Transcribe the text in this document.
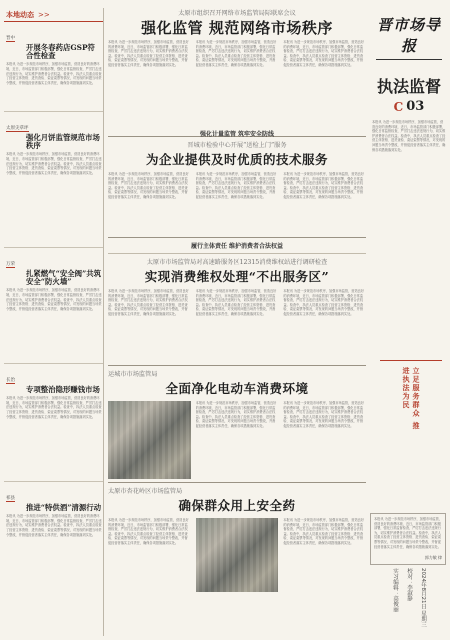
本地动态 >>
晋中
开展冬春药店GSP符合性检查
本报讯 为进一步规范市场秩序，加强市场监管，营造良好的消费环境，近日，市场监管部门积极部署，强化日常监督检查，严厉打击违法违规行为，切实维护消费者合法权益。检查中，执法人员重点检查了经营主体资格、进货查验、索证索票等情况，对发现的问题当场责令整改，并督促经营者落实主体责任，确保各项措施落到实处。
太原尖草坪
强化月饼监管规范市场秩序
本报讯 为进一步规范市场秩序，加强市场监管，营造良好的消费环境，近日，市场监管部门积极部署，强化日常监督检查，严厉打击违法违规行为，切实维护消费者合法权益。检查中，执法人员重点检查了经营主体资格、进货查验、索证索票等情况，对发现的问题当场责令整改，并督促经营者落实主体责任，确保各项措施落到实处。
万荣
扎紧燃气“安全阀”共筑安全“防火墙”
本报讯 为进一步规范市场秩序，加强市场监管，营造良好的消费环境，近日，市场监管部门积极部署，强化日常监督检查，严厉打击违法违规行为，切实维护消费者合法权益。检查中，执法人员重点检查了经营主体资格、进货查验、索证索票等情况，对发现的问题当场责令整改，并督促经营者落实主体责任，确保各项措施落到实处。
长治
专项整治隐形赚钱市场
本报讯 为进一步规范市场秩序，加强市场监管，营造良好的消费环境，近日，市场监管部门积极部署，强化日常监督检查，严厉打击违法违规行为，切实维护消费者合法权益。检查中，执法人员重点检查了经营主体资格、进货查验、索证索票等情况，对发现的问题当场责令整改，并督促经营者落实主体责任，确保各项措施落到实处。
祁县
推进“特供酒”清源行动
本报讯 为进一步规范市场秩序，加强市场监管，营造良好的消费环境，近日，市场监管部门积极部署，强化日常监督检查，严厉打击违法违规行为，切实维护消费者合法权益。检查中，执法人员重点检查了经营主体资格、进货查验、索证索票等情况，对发现的问题当场责令整改，并督促经营者落实主体责任，确保各项措施落到实处。
太原市组织召开网络市场监管局际联席会议
强化监管 规范网络市场秩序
本报讯 为进一步规范市场秩序，加强市场监管，营造良好的消费环境，近日，市场监管部门积极部署，强化日常监督检查，严厉打击违法违规行为，切实维护消费者合法权益。检查中，执法人员重点检查了经营主体资格、进货查验、索证索票等情况，对发现的问题当场责令整改，并督促经营者落实主体责任，确保各项措施落到实处。
本报讯 为进一步规范市场秩序，加强市场监管，营造良好的消费环境，近日，市场监管部门积极部署，强化日常监督检查，严厉打击违法违规行为，切实维护消费者合法权益。检查中，执法人员重点检查了经营主体资格、进货查验、索证索票等情况，对发现的问题当场责令整改，并督促经营者落实主体责任，确保各项措施落到实处。
本报讯 为进一步规范市场秩序，加强市场监管，营造良好的消费环境，近日，市场监管部门积极部署，强化日常监督检查，严厉打击违法违规行为，切实维护消费者合法权益。检查中，执法人员重点检查了经营主体资格、进货查验、索证索票等情况，对发现的问题当场责令整改，并督促经营者落实主体责任，确保各项措施落到实处。
强化计量监管 筑牢安全防线
晋城市检验中心开展“送检上门”服务
为企业提供及时优质的技术服务
本报讯 为进一步规范市场秩序，加强市场监管，营造良好的消费环境，近日，市场监管部门积极部署，强化日常监督检查，严厉打击违法违规行为，切实维护消费者合法权益。检查中，执法人员重点检查了经营主体资格、进货查验、索证索票等情况，对发现的问题当场责令整改，并督促经营者落实主体责任，确保各项措施落到实处。
本报讯 为进一步规范市场秩序，加强市场监管，营造良好的消费环境，近日，市场监管部门积极部署，强化日常监督检查，严厉打击违法违规行为，切实维护消费者合法权益。检查中，执法人员重点检查了经营主体资格、进货查验、索证索票等情况，对发现的问题当场责令整改，并督促经营者落实主体责任，确保各项措施落到实处。
本报讯 为进一步规范市场秩序，加强市场监管，营造良好的消费环境，近日，市场监管部门积极部署，强化日常监督检查，严厉打击违法违规行为，切实维护消费者合法权益。检查中，执法人员重点检查了经营主体资格、进货查验、索证索票等情况，对发现的问题当场责令整改，并督促经营者落实主体责任，确保各项措施落到实处。
履行主体责任 维护消费者合法权益
太原市市场监管局对高速路服务区12315消费维权站进行调研检查
实现消费维权处理“不出服务区”
本报讯 为进一步规范市场秩序，加强市场监管，营造良好的消费环境，近日，市场监管部门积极部署，强化日常监督检查，严厉打击违法违规行为，切实维护消费者合法权益。检查中，执法人员重点检查了经营主体资格、进货查验、索证索票等情况，对发现的问题当场责令整改，并督促经营者落实主体责任，确保各项措施落到实处。
本报讯 为进一步规范市场秩序，加强市场监管，营造良好的消费环境，近日，市场监管部门积极部署，强化日常监督检查，严厉打击违法违规行为，切实维护消费者合法权益。检查中，执法人员重点检查了经营主体资格、进货查验、索证索票等情况，对发现的问题当场责令整改，并督促经营者落实主体责任，确保各项措施落到实处。
本报讯 为进一步规范市场秩序，加强市场监管，营造良好的消费环境，近日，市场监管部门积极部署，强化日常监督检查，严厉打击违法违规行为，切实维护消费者合法权益。检查中，执法人员重点检查了经营主体资格、进货查验、索证索票等情况，对发现的问题当场责令整改，并督促经营者落实主体责任，确保各项措施落到实处。
运城市市场监管局
全面净化电动车消费环境
本报讯 为进一步规范市场秩序，加强市场监管，营造良好的消费环境，近日，市场监管部门积极部署，强化日常监督检查，严厉打击违法违规行为，切实维护消费者合法权益。检查中，执法人员重点检查了经营主体资格、进货查验、索证索票等情况，对发现的问题当场责令整改，并督促经营者落实主体责任，确保各项措施落到实处。
本报讯 为进一步规范市场秩序，加强市场监管，营造良好的消费环境，近日，市场监管部门积极部署，强化日常监督检查，严厉打击违法违规行为，切实维护消费者合法权益。检查中，执法人员重点检查了经营主体资格、进货查验、索证索票等情况，对发现的问题当场责令整改，并督促经营者落实主体责任，确保各项措施落到实处。
太原市杏花岭区市场监管局
确保群众用上安全药
本报讯 为进一步规范市场秩序，加强市场监管，营造良好的消费环境，近日，市场监管部门积极部署，强化日常监督检查，严厉打击违法违规行为，切实维护消费者合法权益。检查中，执法人员重点检查了经营主体资格、进货查验、索证索票等情况，对发现的问题当场责令整改，并督促经营者落实主体责任，确保各项措施落到实处。
本报讯 为进一步规范市场秩序，加强市场监管，营造良好的消费环境，近日，市场监管部门积极部署，强化日常监督检查，严厉打击违法违规行为，切实维护消费者合法权益。检查中，执法人员重点检查了经营主体资格、进货查验、索证索票等情况，对发现的问题当场责令整改，并督促经营者落实主体责任，确保各项措施落到实处。
晋市场导报
执法监督
C 03
本报讯 为进一步规范市场秩序，加强市场监管，营造良好的消费环境，近日，市场监管部门积极部署，强化日常监督检查，严厉打击违法违规行为，切实维护消费者合法权益。检查中，执法人员重点检查了经营主体资格、进货查验、索证索票等情况，对发现的问题当场责令整改，并督促经营者落实主体责任，确保各项措施落到实处。
立足服务群众 推进执法为民
本报讯 为进一步规范市场秩序，加强市场监管，营造良好的消费环境，近日，市场监管部门积极部署，强化日常监督检查，严厉打击违法违规行为，切实维护消费者合法权益。检查中，执法人员重点检查了经营主体资格、进货查验、索证索票等情况，对发现的问题当场责令整改，并督促经营者落实主体责任，确保各项措施落到实处。
郭力敏 律
实习编辑：高俊丽 校对：李淑静 2024年8月21日 星期三
